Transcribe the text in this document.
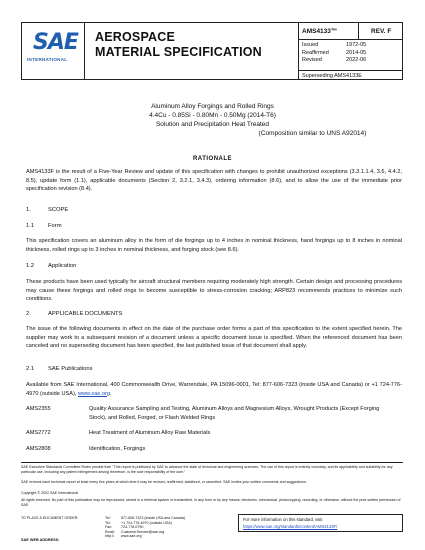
SAE
INTERNATIONAL
AEROSPACE
MATERIAL SPECIFICATION
AMS4133™	REV. F
Issued	1972-05
Reaffirmed	2014-05
Revised	2022-06
Superseding AMS4133E
Aluminum Alloy Forgings and Rolled Rings
4.4Cu - 0.85Si - 0.80Mn - 0.50Mg (2014-T6)
Solution and Precipitation Heat Treated
(Composition similar to UNS A92014)
RATIONALE
AMS4133F is the result of a Five-Year Review and update of this specification with changes to prohibit unauthorized exceptions (3.3.1.1.4, 3.6, 4.4.2, 8.5), update form (1.1), applicable documents (Section 2, 3.2.1, 3.4.3), ordering information (8.6), and to allow the use of the immediate prior specification revision (8.4).
1.	SCOPE
1.1 Form
This specification covers an aluminum alloy in the form of die forgings up to 4 inches in nominal thickness, hand forgings up to 8 inches in nominal thickness, rolled rings up to 3 inches in nominal thickness, and forging stock (see 8.6).
1.2 Application
These products have been used typically for aircraft structural members requiring moderately high strength. Certain design and processing procedures may cause these forgings and rolled rings to become susceptible to stress-corrosion cracking; ARP823 recommends practices to minimize such conditions.
2.	APPLICABLE DOCUMENTS
The issue of the following documents in effect on the date of the purchase order forms a part of this specification to the extent specified herein. The supplier may work to a subsequent revision of a document unless a specific document issue is specified. When the referenced document has been canceled and no superseding document has been specified, the last published issue of that document shall apply.
2.1 SAE Publications
Available from SAE International, 400 Commonwealth Drive, Warrendale, PA 15096-0001, Tel: 877-606-7323 (inside USA and Canada) or +1 724-776-4970 (outside USA), www.sae.org.
AMS2355	Quality Assurance Sampling and Testing, Aluminum Alloys and Magnesium Alloys, Wrought Products (Except Forging Stock), and Rolled, Forged, or Flash Welded Rings
AMS2772	Heat Treatment of Aluminum Alloy Raw Materials
AMS2808	Identification, Forgings
SAE Executive Standards Committee Rules provide that: "This report is published by SAE to advance the state of technical and engineering sciences. The use of this report is entirely voluntary, and its applicability and suitability for any particular use, including any patent infringement arising therefrom, is the sole responsibility of the user."
SAE reviews each technical report at least every five years at which time it may be revised, reaffirmed, stabilized, or cancelled. SAE invites your written comments and suggestions.
Copyright © 2022 SAE International
All rights reserved. No part of this publication may be reproduced, stored in a retrieval system or transmitted, in any form or by any means, electronic, mechanical, photocopying, recording, or otherwise, without the prior written permission of SAE.
TO PLACE A DOCUMENT ORDER:	Tel:	877-606-7323 (inside USA and Canada)
Tel:	+1 724-776-4970 (outside USA)
Fax:	724-776-0790
Email:	CustomerService@sae.org
http://	www.sae.org
For more information on this standard, visit
https://www.sae.org/standards/content/AMS4133F/
SAE WEB ADDRESS:
